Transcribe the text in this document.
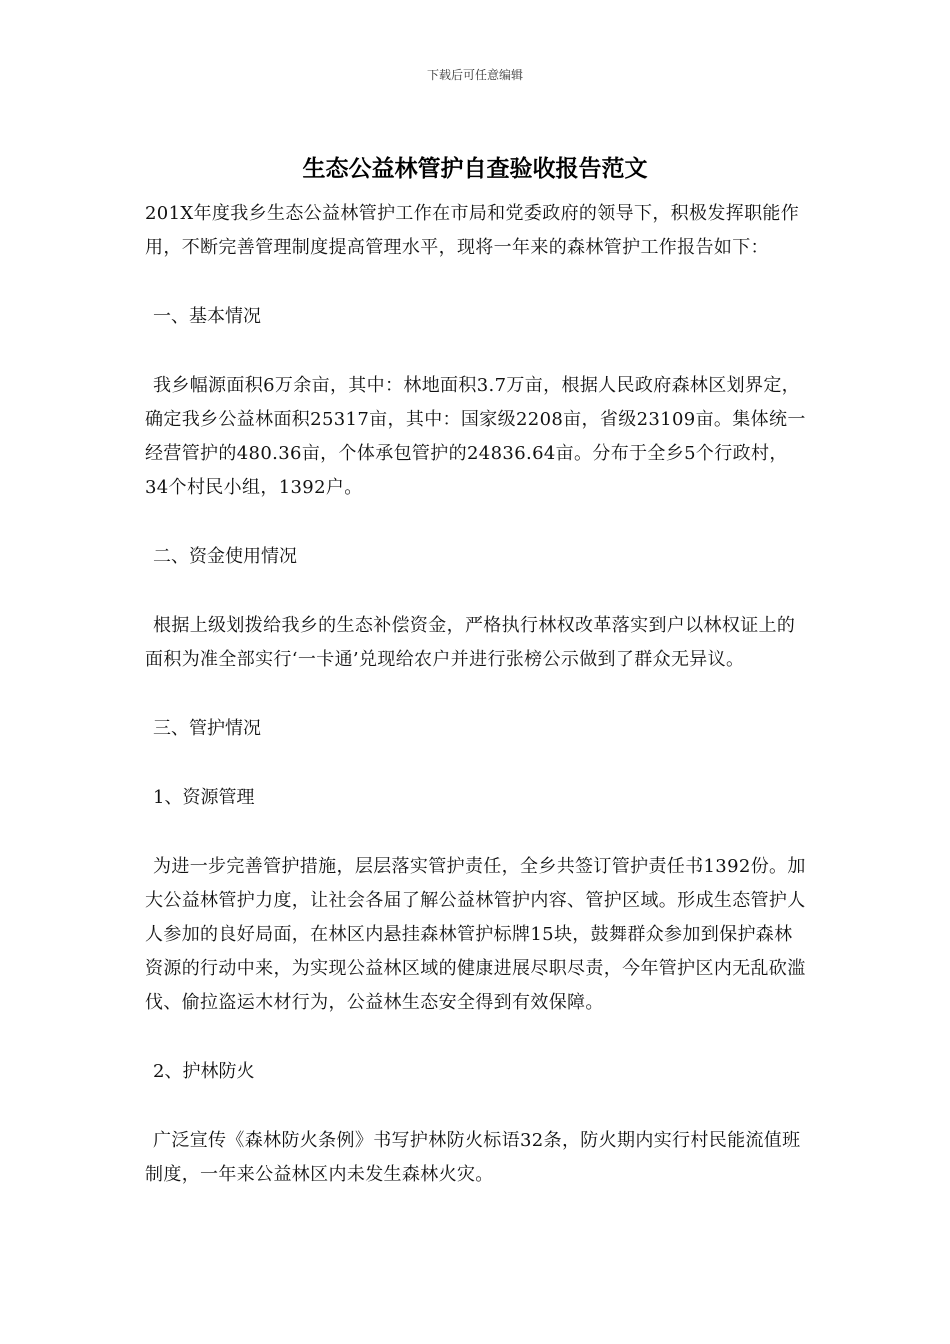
下载后可任意编辑
生态公益林管护自查验收报告范文

201X年度我乡生态公益林管护工作在市局和党委政府的领导下，积极发挥职能作用，不断完善管理制度提高管理水平，现将一年来的森林管护工作报告如下：

一、基本情况

我乡幅源面积6万余亩，其中：林地面积3.7万亩，根据人民政府森林区划界定，确定我乡公益林面积25317亩，其中：国家级2208亩，省级23109亩。集体统一经营管护的480.36亩，个体承包管护的24836.64亩。分布于全乡5个行政村，34个村民小组，1392户。

二、资金使用情况

根据上级划拨给我乡的生态补偿资金，严格执行林权改革落实到户以林权证上的面积为准全部实行‘一卡通’兑现给农户并进行张榜公示做到了群众无异议。

三、管护情况

1、资源管理

为进一步完善管护措施，层层落实管护责任，全乡共签订管护责任书1392份。加大公益林管护力度，让社会各届了解公益林管护内容、管护区域。形成生态管护人人参加的良好局面，在林区内悬挂森林管护标牌15块，鼓舞群众参加到保护森林资源的行动中来，为实现公益林区域的健康进展尽职尽责，今年管护区内无乱砍滥伐、偷拉盗运木材行为，公益林生态安全得到有效保障。

2、护林防火

广泛宣传《森林防火条例》书写护林防火标语32条，防火期内实行村民能流值班制度，一年来公益林区内未发生森林火灾。
